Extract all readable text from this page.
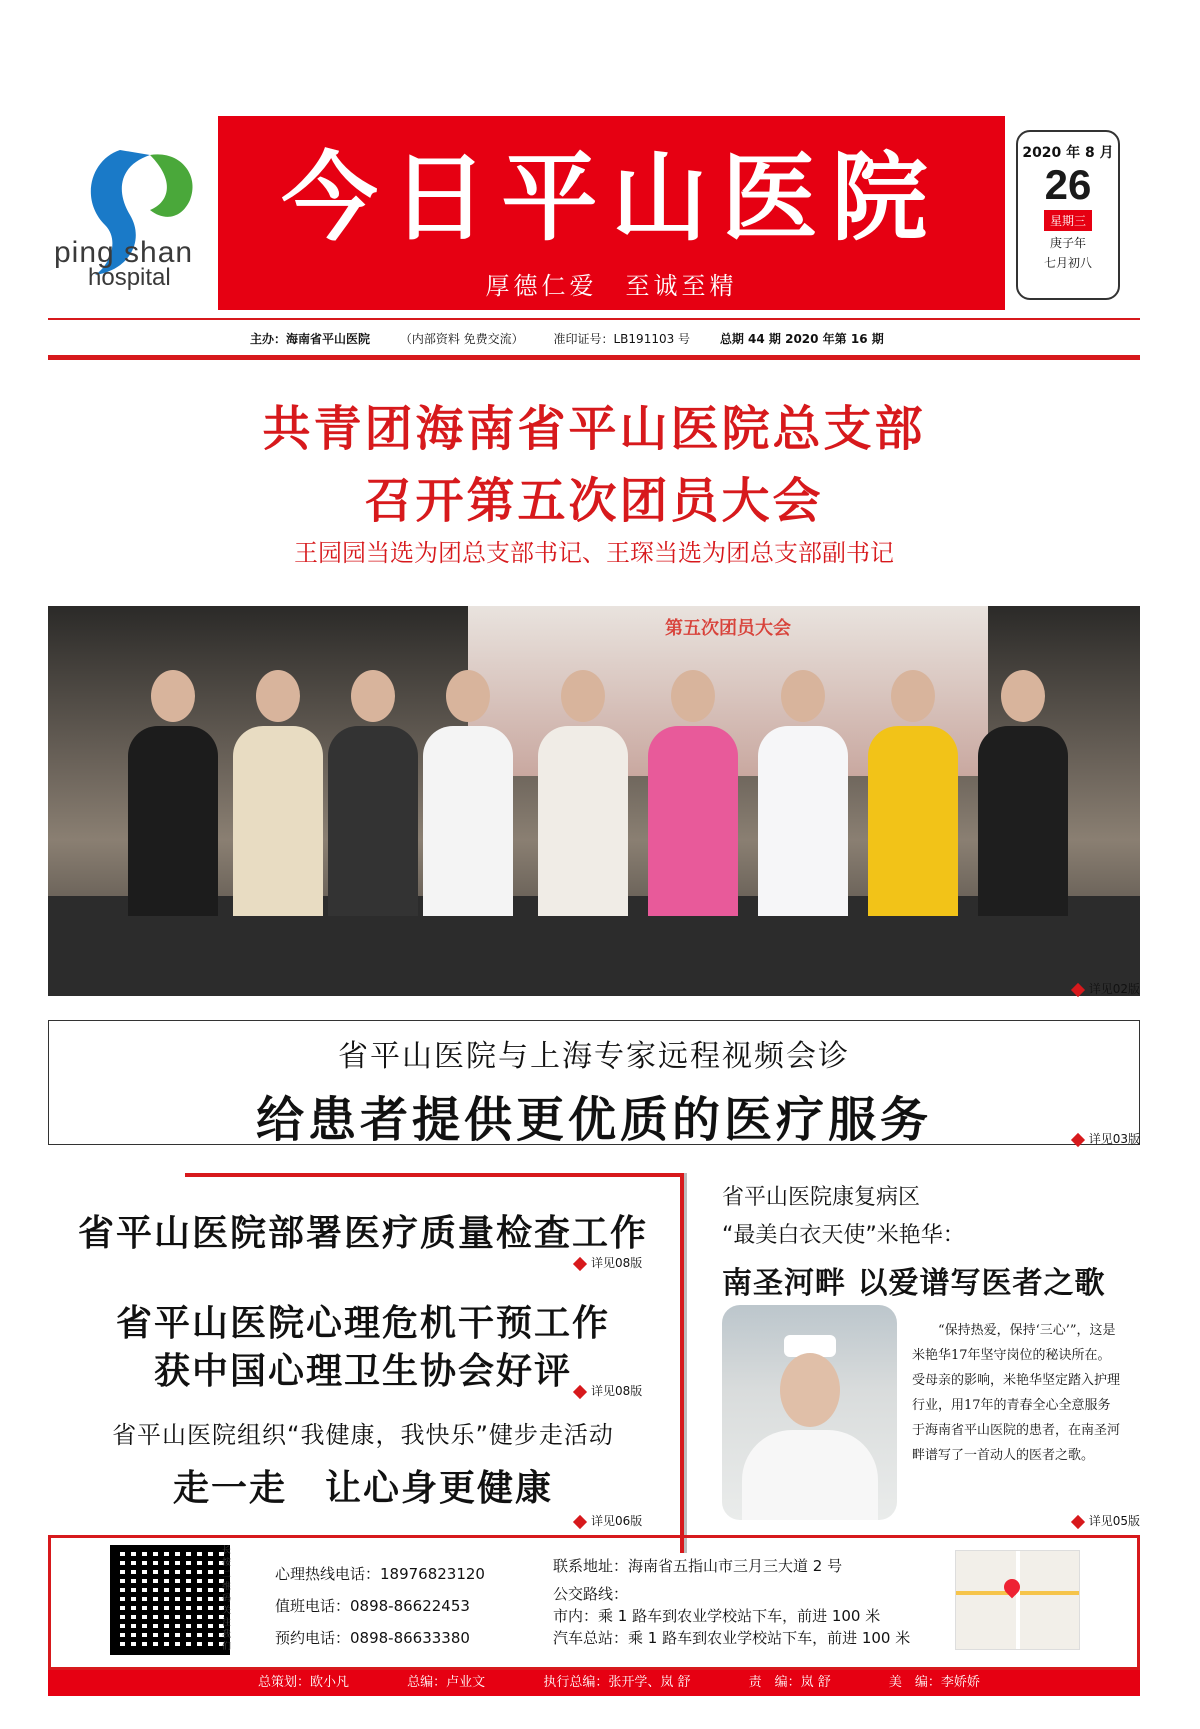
ping shan
hospital
今日平山医院
厚德仁爱　至诚至精
2020 年 8 月
26
星期三
庚子年
七月初八
主办：海南省平山医院 （内部资料 免费交流） 准印证号：LB191103 号 总期 44 期 2020 年第 16 期
共青团海南省平山医院总支部
召开第五次团员大会
王园园当选为团总支部书记、王琛当选为团总支部副书记
第五次团员大会
详见02版
省平山医院与上海专家远程视频会诊
给患者提供更优质的医疗服务	详见03版
省平山医院部署医疗质量检查工作
详见08版
省平山医院心理危机干预工作
获中国心理卫生协会好评	详见08版
省平山医院组织“我健康，我快乐”健步走活动
走一走　让心身更健康
详见06版
省平山医院康复病区
“最美白衣天使”米艳华：
南圣河畔 以爱谱写医者之歌
“保持热爱，保持‘三心’”，这是米艳华17年坚守岗位的秘诀所在。受母亲的影响，米艳华坚定踏入护理行业，用17年的青春全心全意服务于海南省平山医院的患者，在南圣河畔谱写了一首动人的医者之歌。
详见05版
长按二维码关注我们
心理热线电话：18976823120
值班电话：0898-86622453
预约电话：0898-86633380
联系地址：海南省五指山市三月三大道 2 号
公交路线：
市内：乘 1 路车到农业学校站下车，前进 100 米
汽车总站：乘 1 路车到农业学校站下车，前进 100 米
总策划：欧小凡	总编：卢业文	执行总编：张开学、岚 舒	责　编：岚 舒	美　编：李娇娇
